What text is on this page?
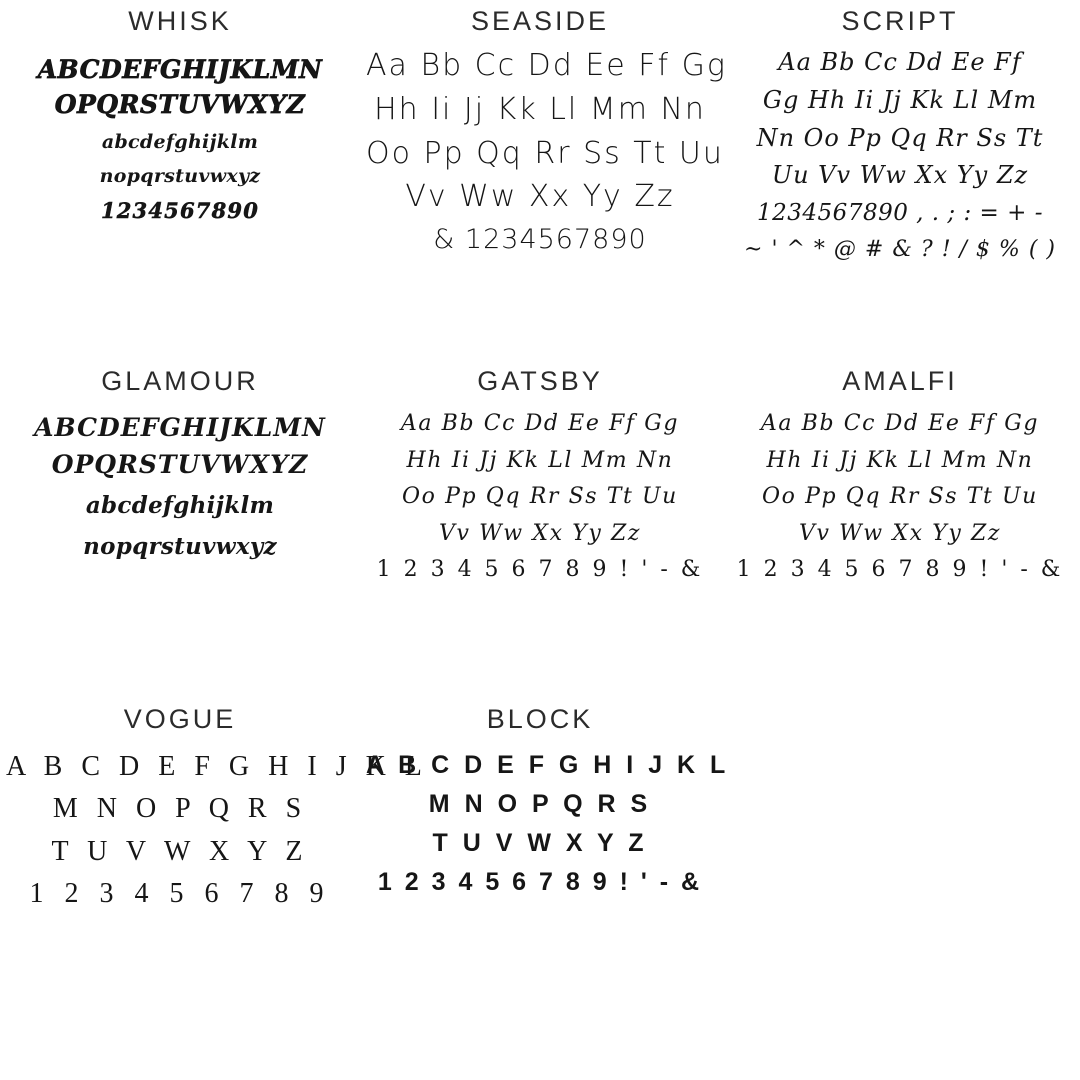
WHISK
ABCDEFGHIJKLMN
OPQRSTUVWXYZ
abcdefghijklm
nopqrstuvwxyz
1234567890
SEASIDE
Aa Bb Cc Dd Ee Ff Gg
Hh Ii Jj Kk Ll Mm Nn
Oo Pp Qq Rr Ss Tt Uu
Vv Ww Xx Yy Zz
& 1234567890
SCRIPT
Aa Bb Cc Dd Ee Ff
Gg Hh Ii Jj Kk Ll Mm
Nn Oo Pp Qq Rr Ss Tt
Uu Vv Ww Xx Yy Zz
1234567890 , . ; : = + -
~ ' ^ * @ # & ? ! / $ % ( )
GLAMOUR
ABCDEFGHIJKLMN
OPQRSTUVWXYZ
abcdefghijklm
nopqrstuvwxyz
GATSBY
Aa Bb Cc Dd Ee Ff Gg
Hh Ii Jj Kk Ll Mm Nn
Oo Pp Qq Rr Ss Tt Uu
Vv Ww Xx Yy Zz
1 2 3 4 5 6 7 8 9 ! ' - &
AMALFI
Aa Bb Cc Dd Ee Ff Gg
Hh Ii Jj Kk Ll Mm Nn
Oo Pp Qq Rr Ss Tt Uu
Vv Ww Xx Yy Zz
1 2 3 4 5 6 7 8 9 ! ' - &
VOGUE
A B C D E F G H I J K L
M N O P Q R S
T U V W X Y Z
1 2 3 4 5 6 7 8 9
BLOCK
A B C D E F G H I J K L
M N O P Q R S
T U V W X Y Z
1 2 3 4 5 6 7 8 9 ! ' - &
